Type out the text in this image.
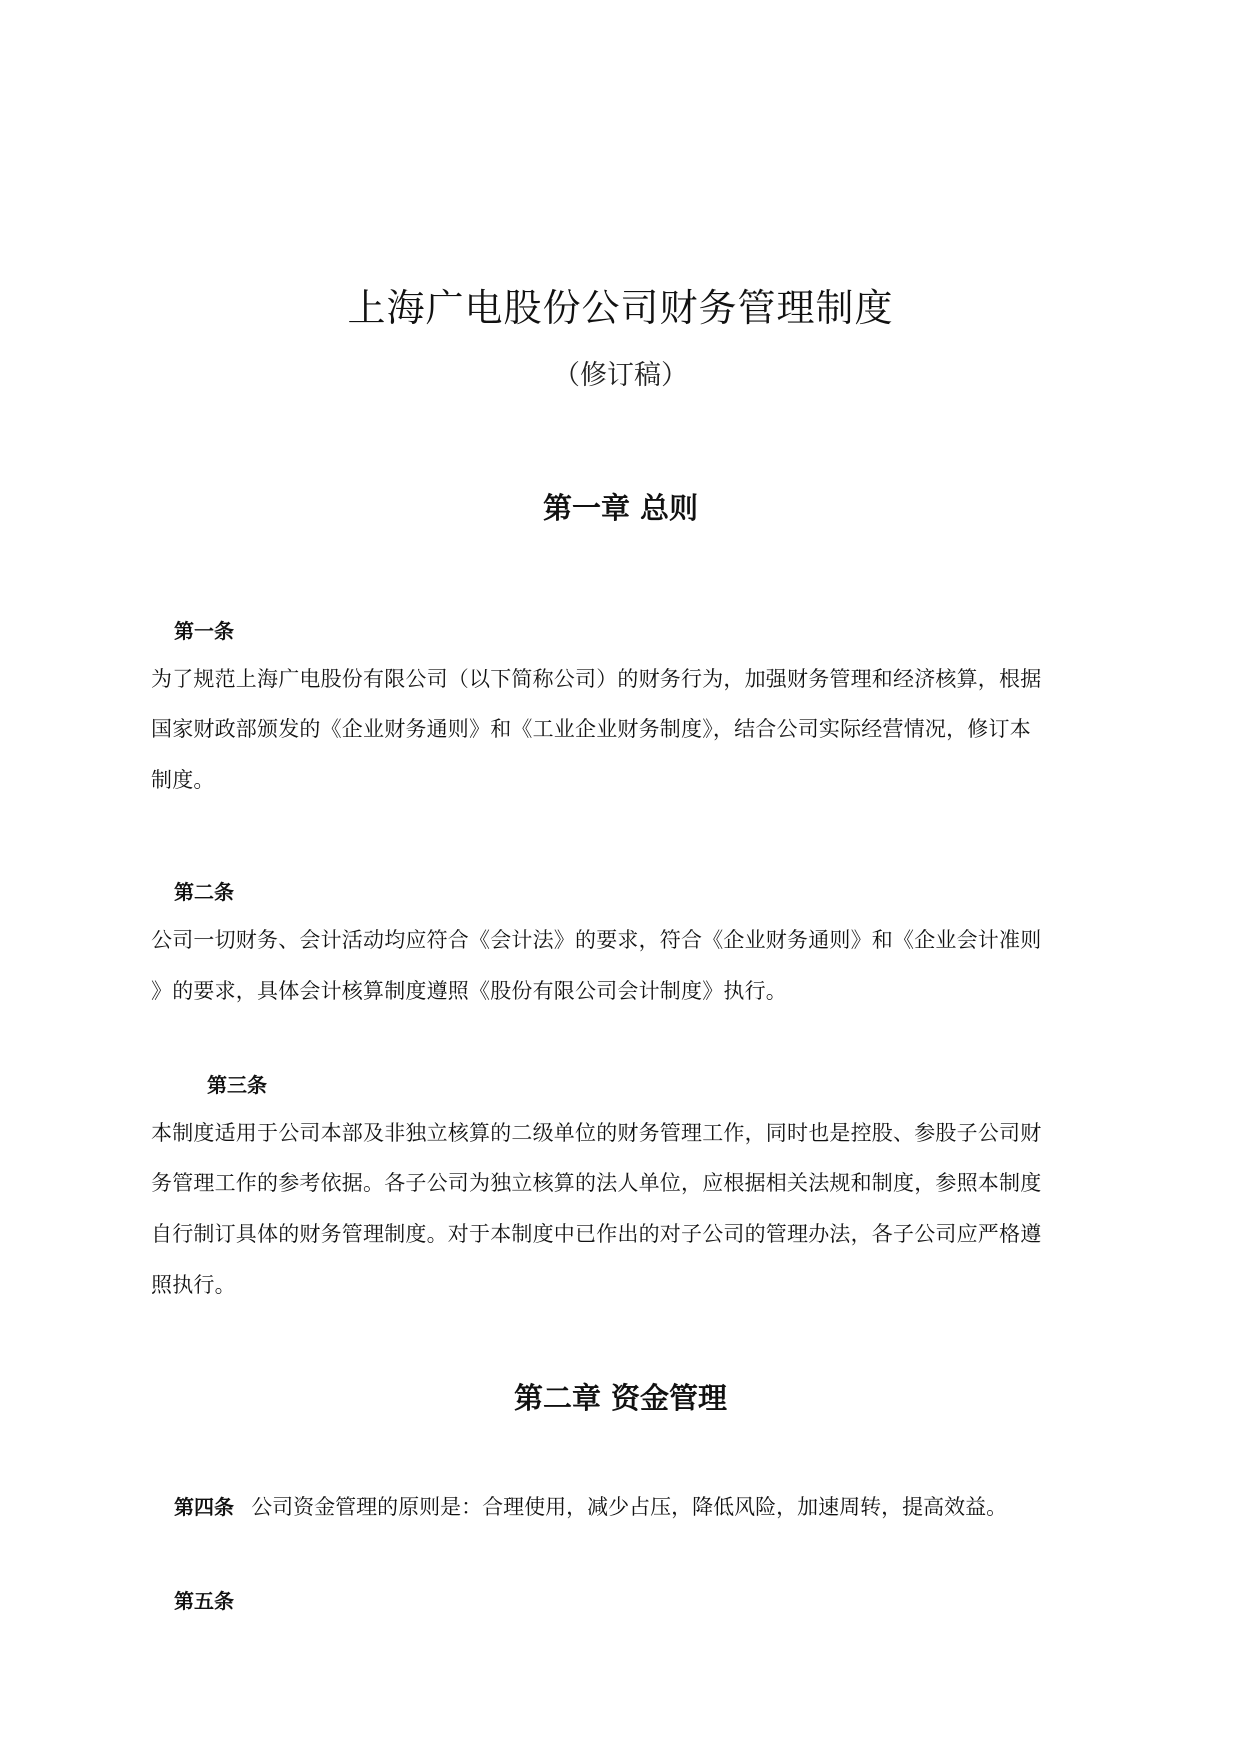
上海广电股份公司财务管理制度
（修订稿）
第一章 总则
第一条
为了规范上海广电股份有限公司（以下简称公司）的财务行为，加强财务管理和经济核算，根据
国家财政部颁发的《企业财务通则》和《工业企业财务制度》，结合公司实际经营情况，修订本
制度。
第二条
公司一切财务、会计活动均应符合《会计法》的要求，符合《企业财务通则》和《企业会计准则
》的要求，具体会计核算制度遵照《股份有限公司会计制度》执行。
第三条
本制度适用于公司本部及非独立核算的二级单位的财务管理工作，同时也是控股、参股子公司财
务管理工作的参考依据。各子公司为独立核算的法人单位，应根据相关法规和制度，参照本制度
自行制订具体的财务管理制度。对于本制度中已作出的对子公司的管理办法，各子公司应严格遵
照执行。
第二章 资金管理
第四条 公司资金管理的原则是：合理使用，减少占压，降低风险，加速周转，提高效益。
第五条
